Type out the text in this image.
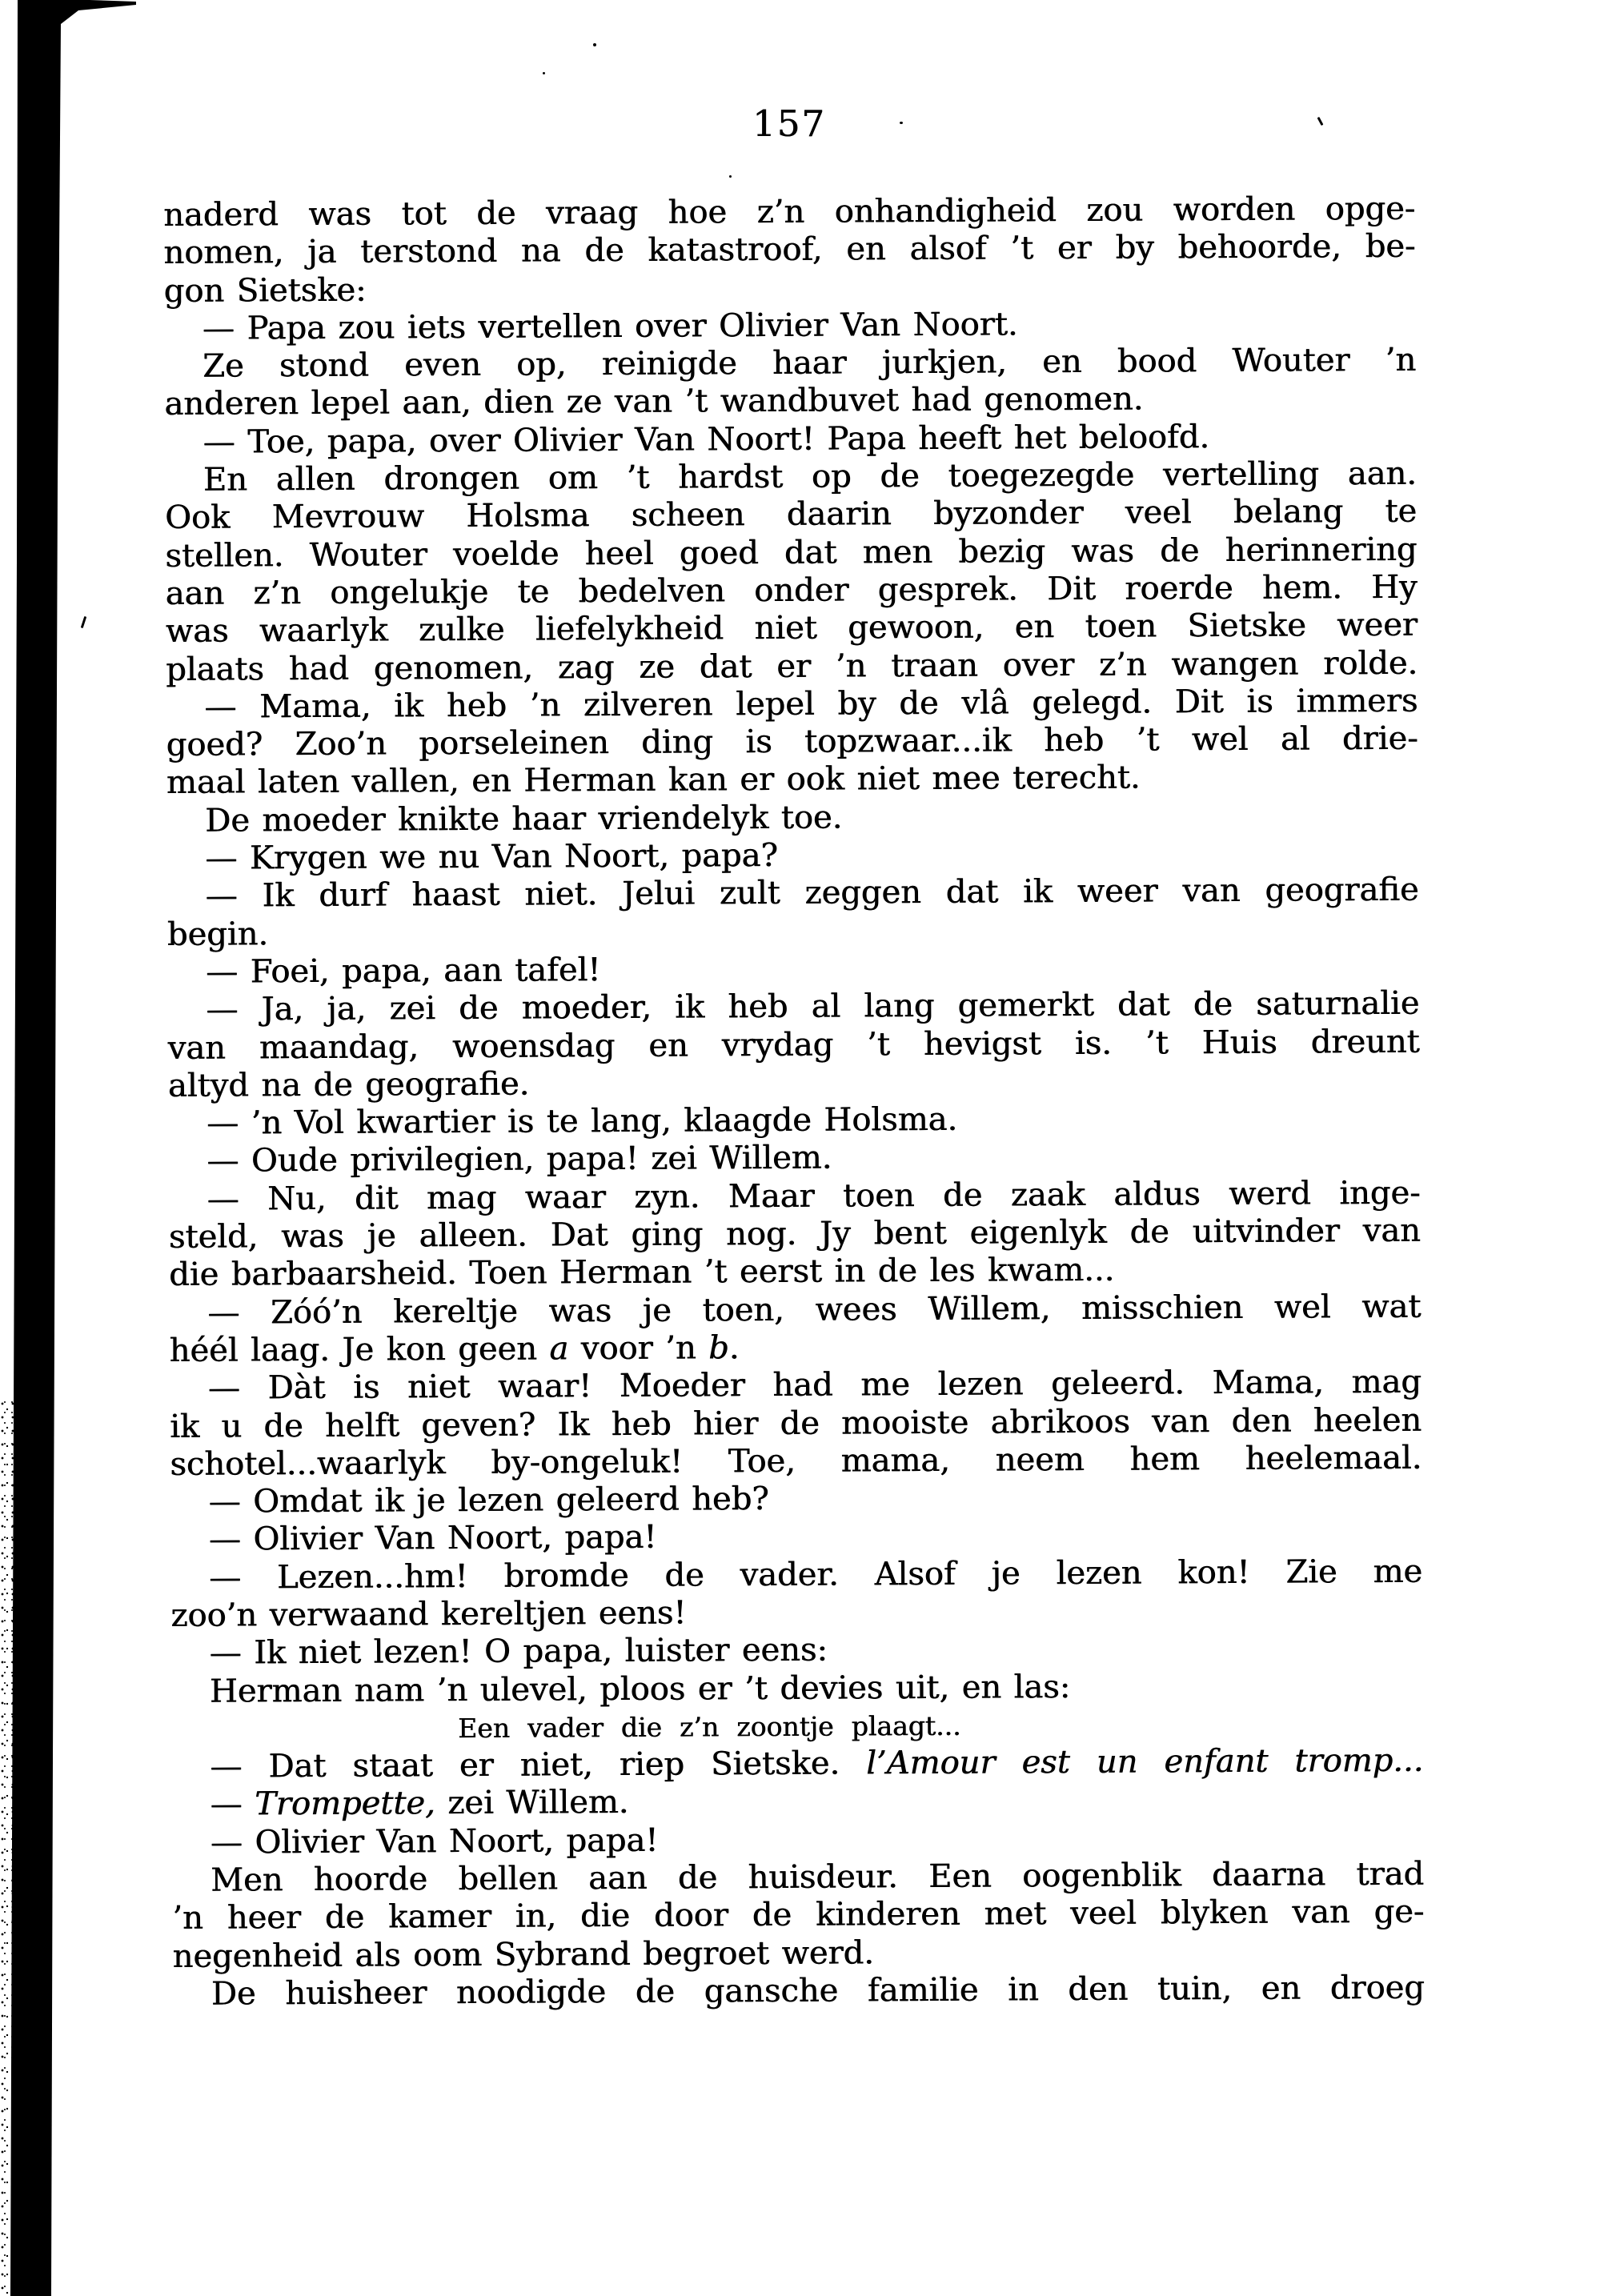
157
naderd was tot de vraag hoe z’n onhandigheid zou worden opge-
nomen, ja terstond na de katastroof, en alsof ’t er by behoorde, be-
gon Sietske:
— Papa zou iets vertellen over Olivier Van Noort.
Ze stond even op, reinigde haar jurkjen, en bood Wouter ’n
anderen lepel aan, dien ze van ’t wandbuvet had genomen.
— Toe, papa, over Olivier Van Noort! Papa heeft het beloofd.
En allen drongen om ’t hardst op de toegezegde vertelling aan.
Ook Mevrouw Holsma scheen daarin byzonder veel belang te
stellen. Wouter voelde heel goed dat men bezig was de herinnering
aan z’n ongelukje te bedelven onder gesprek. Dit roerde hem. Hy
was waarlyk zulke liefelykheid niet gewoon, en toen Sietske weer
plaats had genomen, zag ze dat er ’n traan over z’n wangen rolde.
— Mama, ik heb ’n zilveren lepel by de vlâ gelegd. Dit is immers
goed? Zoo’n porseleinen ding is topzwaar...ik heb ’t wel al drie-
maal laten vallen, en Herman kan er ook niet mee terecht.
De moeder knikte haar vriendelyk toe.
— Krygen we nu Van Noort, papa?
— Ik durf haast niet. Jelui zult zeggen dat ik weer van geografie
begin.
— Foei, papa, aan tafel!
— Ja, ja, zei de moeder, ik heb al lang gemerkt dat de saturnalie
van maandag, woensdag en vrydag ’t hevigst is. ’t Huis dreunt
altyd na de geografie.
— ’n Vol kwartier is te lang, klaagde Holsma.
— Oude privilegien, papa! zei Willem.
— Nu, dit mag waar zyn. Maar toen de zaak aldus werd inge-
steld, was je alleen. Dat ging nog. Jy bent eigenlyk de uitvinder van
die barbaarsheid. Toen Herman ’t eerst in de les kwam...
— Zóó’n kereltje was je toen, wees Willem, misschien wel wat
héél laag. Je kon geen a voor ’n b.
— Dàt is niet waar! Moeder had me lezen geleerd. Mama, mag
ik u de helft geven? Ik heb hier de mooiste abrikoos van den heelen
schotel...waarlyk by-ongeluk! Toe, mama, neem hem heelemaal.
— Omdat ik je lezen geleerd heb?
— Olivier Van Noort, papa!
— Lezen...hm! bromde de vader. Alsof je lezen kon! Zie me
zoo’n verwaand kereltjen eens!
— Ik niet lezen! O papa, luister eens:
Herman nam ’n ulevel, ploos er ’t devies uit, en las:
Een vader die z’n zoontje plaagt...
— Dat staat er niet, riep Sietske. l’Amour est un enfant tromp...
— Trompette, zei Willem.
— Olivier Van Noort, papa!
Men hoorde bellen aan de huisdeur. Een oogenblik daarna trad
’n heer de kamer in, die door de kinderen met veel blyken van ge-
negenheid als oom Sybrand begroet werd.
De huisheer noodigde de gansche familie in den tuin, en droeg
